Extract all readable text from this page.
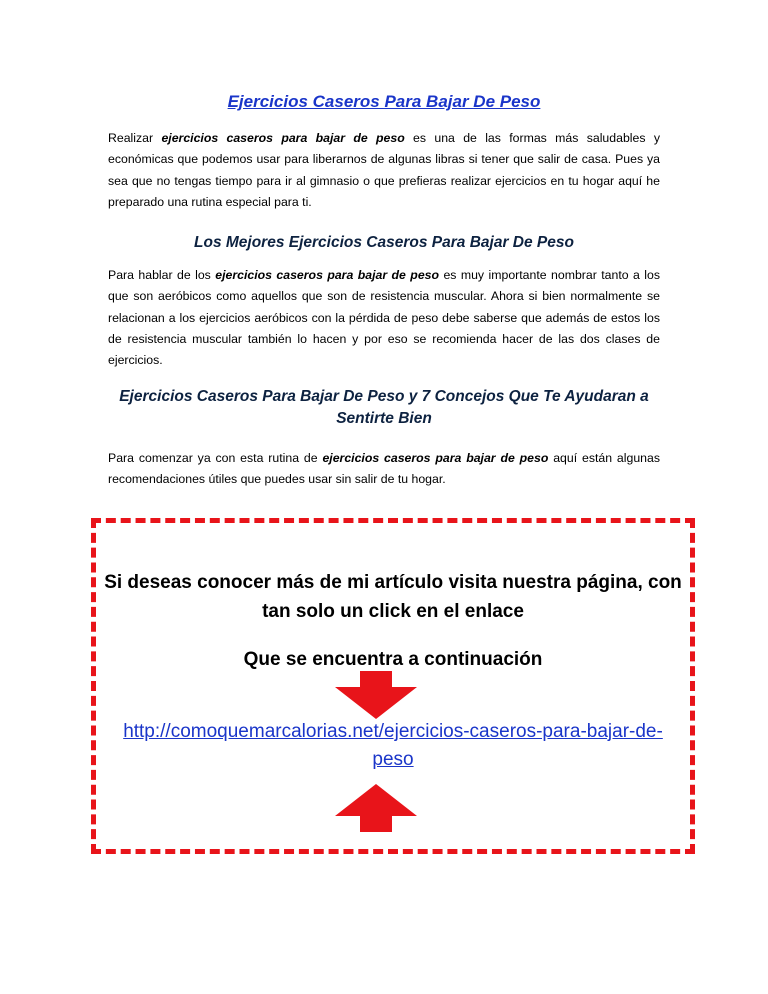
Ejercicios Caseros Para Bajar De Peso

Realizar ejercicios caseros para bajar de peso es una de las formas más saludables y económicas que podemos usar para liberarnos de algunas libras si tener que salir de casa. Pues ya sea que no tengas tiempo para ir al gimnasio o que prefieras realizar ejercicios en tu hogar aquí he preparado una rutina especial para ti.

Los Mejores Ejercicios Caseros Para Bajar De Peso

Para hablar de los ejercicios caseros para bajar de peso es muy importante nombrar tanto a los que son aeróbicos como aquellos que son de resistencia muscular. Ahora si bien normalmente se relacionan a los ejercicios aeróbicos con la pérdida de peso debe saberse que además de estos los de resistencia muscular también lo hacen y por eso se recomienda hacer de las dos clases de ejercicios.

Ejercicios Caseros Para Bajar De Peso y 7 Concejos Que Te Ayudaran a Sentirte Bien

Para comenzar ya con esta rutina de ejercicios caseros para bajar de peso aquí están algunas recomendaciones útiles que puedes usar sin salir de tu hogar.

Si deseas conocer más de mi artículo visita nuestra página, con tan solo un click en el enlace

Que se encuentra a continuación

http://comoquemarcalorias.net/ejercicios-caseros-para-bajar-de-peso
